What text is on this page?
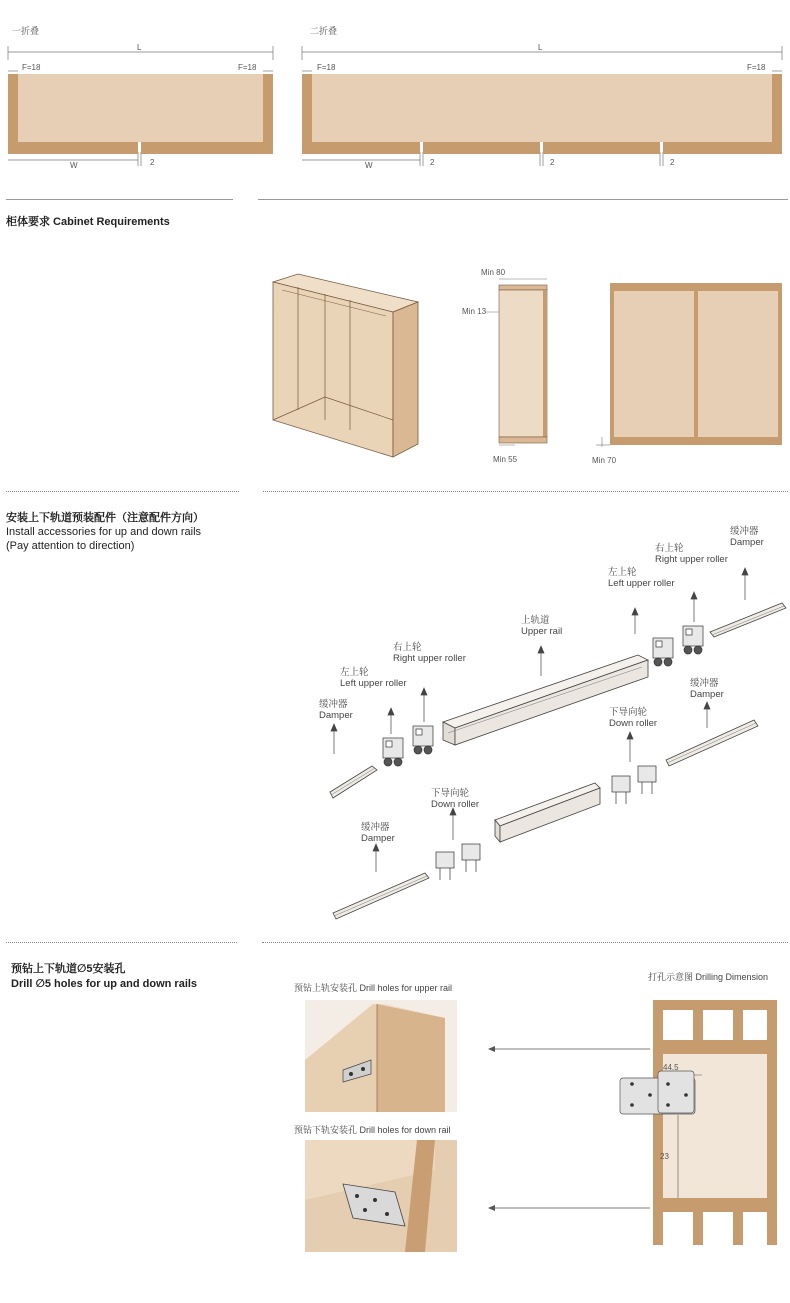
一折叠	二折叠
L
F=18	F=18
W	2
L
F=18	F=18
W	2	2	2
柜体要求 Cabinet Requirements
Min 80
Min 13
Min 55	Min 70
安装上下轨道预装配件（注意配件方向）
Install accessories for up and down rails
(Pay attention to direction)
缓冲器
Damper
右上轮
Right upper roller
左上轮
Left upper roller
上轨道
Upper rail
右上轮
Right upper roller
左上轮
Left upper roller
缓冲器
Damper
缓冲器
Damper
下导向轮
Down roller
下导向轮
Down roller
缓冲器
Damper
预钻上下轨道∅5安装孔
Drill ∅5 holes for up and down rails	预钻上轨安装孔 Drill holes for upper rail
预钻下轨安装孔 Drill holes for down rail
打孔示意图 Drilling Dimension
44.5
23
